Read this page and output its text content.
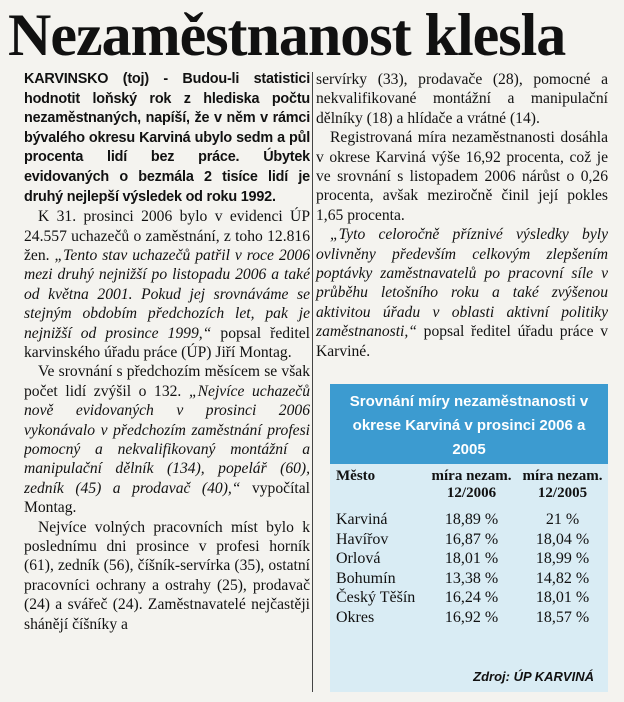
Nezaměstnanost klesla

KARVINSKO (toj) - Budou-li statistici hodnotit loňský rok z hlediska počtu nezaměstnaných, napíší, že v něm v rámci bývalého okresu Karviná ubylo sedm a půl procenta lidí bez práce. Úbytek evidovaných o bezmála 2 tisíce lidí je druhý nejlepší výsledek od roku 1992.

K 31. prosinci 2006 bylo v evidenci ÚP 24.557 uchazečů o zaměstnání, z toho 12.816 žen. „Tento stav uchazečů patřil v roce 2006 mezi druhý nejnižší po listopadu 2006 a také od května 2001. Pokud jej srovnáváme se stejným obdobím předchozích let, pak je nejnižší od prosince 1999,“ popsal ředitel karvinského úřadu práce (ÚP) Jiří Montag.

Ve srovnání s předchozím měsícem se však počet lidí zvýšil o 132. „Nejvíce uchazečů nově evidovaných v prosinci 2006 vykonávalo v předchozím zaměstnání profesi pomocný a nekvalifikovaný montážní a manipulační dělník (134), popelář (60), zedník (45) a prodavač (40),“ vypočítal Montag.

Nejvíce volných pracovních míst bylo k poslednímu dni prosince v profesi horník (61), zedník (56), číšník-servírka (35), ostatní pracovníci ochrany a ostrahy (25), prodavač (24) a svářeč (24). Zaměstnavatelé nejčastěji shánějí číšníky a

servírky (33), prodavače (28), pomocné a nekvalifikované montážní a manipulační dělníky (18) a hlídače a vrátné (14).

Registrovaná míra nezaměstnanosti dosáhla v okrese Karviná výše 16,92 procenta, což je ve srovnání s listopadem 2006 nárůst o 0,26 procenta, avšak meziročně činil její pokles 1,65 procenta.

„Tyto celoročně příznivé výsledky byly ovlivněny především celkovým zlepšením poptávky zaměstnavatelů po pracovní síle v průběhu letošního roku a také zvýšenou aktivitou úřadu v oblasti aktivní politiky zaměstnanosti,“ popsal ředitel úřadu práce v Karviné.

Srovnání míry nezaměstnanosti v okrese Karviná v prosinci 2006 a 2005
Město	míra nezam. 12/2006	míra nezam. 12/2005
Karviná	18,89 %	21 %
Havířov	16,87 %	18,04 %
Orlová	18,01 %	18,99 %
Bohumín	13,38 %	14,82 %
Český Těšín	16,24 %	18,01 %
Okres	16,92 %	18,57 %
Zdroj: ÚP KARVINÁ
